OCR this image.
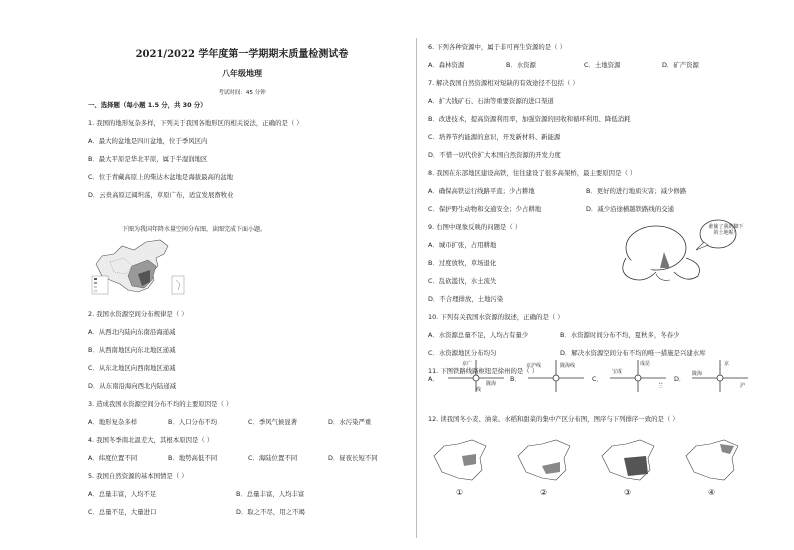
2021/2022 学年度第一学期期末质量检测试卷
八年级地理
考试时间：45 分钟
一、选择题（每小题 1.5 分，共 30 分）
1. 我国的地形复杂多样，下列关于我国各地形区的相关说法，正确的是（ ）
A．最大的盆地是四川盆地，位于季风区内
B．最大平原是华北平原，属于半湿润地区
C．位于青藏高原上的柴达木盆地是海拔最高的盆地
D．云贵高原辽阔坦荡，草原广布，适宜发展畜牧业
下图为我国年降水量空间分布图，读图完成下面小题。
2. 我国水资源空间分布规律是（ ）
A．从西北内陆向东南沿海递减
B．从西南地区向东北地区递减
C．从东北地区向西南地区递减
D．从东南沿海向西北内陆递减
3. 造成我国水资源空间分布不均的主要原因是（ ）
A．地形复杂多样	B．人口分布不均	C．季风气候显著	D．水污染严重
4. 我国冬季南北温差大，其根本原因是（ ）
A．纬度位置不同	B．地势高低不同	C．海陆位置不同	D．昼夜长短不同
5. 我国自然资源的基本国情是（ ）
A．总量丰富，人均不足	B．总量丰富，人均丰富
C．总量不足，大量进口	D．取之不尽，用之不竭
6. 下列各种资源中，属于非可再生资源的是（ ）
A．森林资源	B．水资源	C．土地资源	D．矿产资源
7. 解决我国自然资源相对短缺的有效途径不包括（ ）
A．扩大钱矿石、石油等重要资源的进口渠道
B．改进技术，提高资源利用率，加强资源的回收和循环利用、降低消耗
C．培养节约能源的意识，开发新材料、新能源
D．不惜一切代价扩大本国自然资源的开发力度
8. 我国在东部地区建设高铁，往往建设了很多高架桥，最主要原因是（ ）
A．确保高铁运行线路平直；少占耕地	B．更好的进行地质灾害；减少修路
C．保护野生动物和交通安全；少占耕地	D．减少沿途横越铁路线的交通
9. 右图中现象反映的问题是（ ）
A．城市扩张，占用耕地
B．过度放牧，草场退化
C．乱砍滥伐，水土流失
D．不合理排放，土地污染
10. 下列有关我国水资源的叙述，正确的是（ ）
A．水资源总量不足，人均占有量少	B．水资源时间分布不均，夏秋多，冬春少
C．水资源地区分布均匀	D．解决水资源空间分布不均的唯一措施是兴建水库
11. 下图铁路线路枢纽是徐州的是（ ）
谁偷了我的脚下的土地呢！
A．
京广
陇海
线
B．
京沪线	陇海线
C．
成昆
宝成
兰
D．
京
陇海
沪
12. 读我国冬小麦、油菜、水稻和甜菜的集中产区分布图，图序与下列排序一致的是（ ）
①	②	③	④
